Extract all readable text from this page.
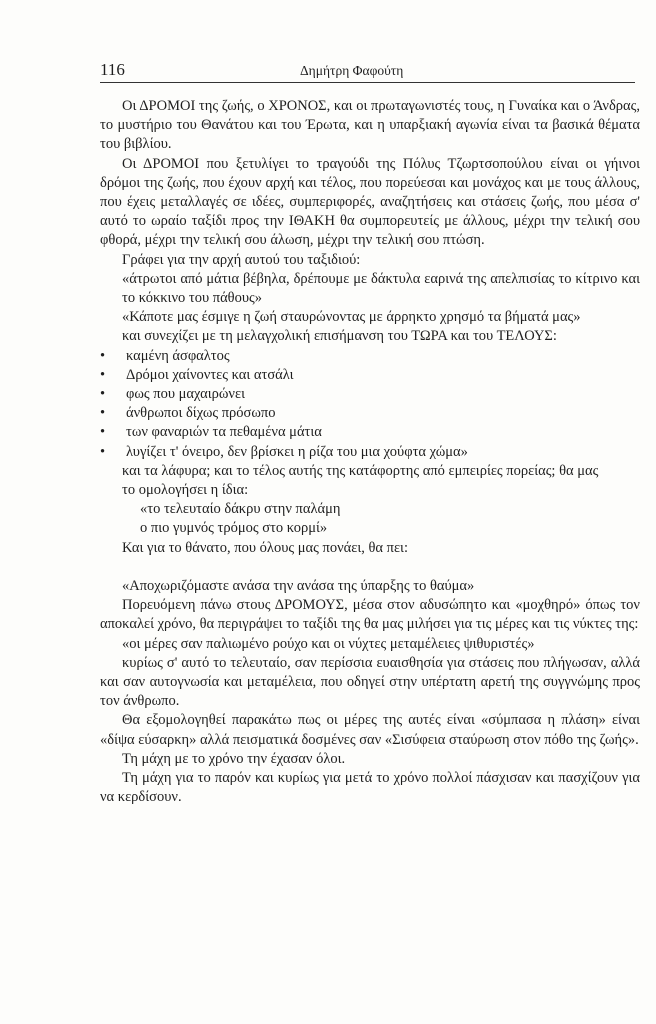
116	Δημήτρη Φαφούτη

Οι ΔΡΟΜΟΙ της ζωής, ο ΧΡΟΝΟΣ, και οι πρωταγωνιστές τους, η Γυναίκα και ο Άνδρας, το μυστήριο του Θανάτου και του Έρωτα, και η υπαρξιακή αγωνία είναι τα βασικά θέματα του βιβλίου.

Οι ΔΡΟΜΟΙ που ξετυλίγει το τραγούδι της Πόλυς Τζωρτσοπούλου είναι οι γήινοι δρόμοι της ζωής, που έχουν αρχή και τέλος, που πορεύεσαι και μονάχος και με τους άλλους, που έχεις μεταλλαγές σε ιδέες, συμπεριφορές, αναζητήσεις και στάσεις ζωής, που μέσα σ' αυτό το ωραίο ταξίδι προς την ΙΘΑΚΗ θα συμπορευτείς με άλλους, μέχρι την τελική σου φθορά, μέχρι την τελική σου άλωση, μέχρι την τελική σου πτώση.

Γράφει για την αρχή αυτού του ταξιδιού:

«άτρωτοι από μάτια βέβηλα, δρέπουμε με δάκτυλα εαρινά της απελπισίας το κίτρινο και το κόκκινο του πάθους»

«Κάποτε μας έσμιγε η ζωή σταυρώνοντας με άρρηκτο χρησμό τα βήματά μας»

και συνεχίζει με τη μελαγχολική επισήμανση του ΤΩΡΑ και του ΤΕΛΟΥΣ:

• καμένη άσφαλτος
• Δρόμοι χαίνοντες και ατσάλι
• φως που μαχαιρώνει
• άνθρωποι δίχως πρόσωπο
• των φαναριών τα πεθαμένα μάτια
• λυγίζει τ' όνειρο, δεν βρίσκει η ρίζα του μια χούφτα χώμα»

και τα λάφυρα; και το τέλος αυτής της κατάφορτης από εμπειρίες πορείας; θα μας

το ομολογήσει η ίδια:

«το τελευταίο δάκρυ στην παλάμη

ο πιο γυμνός τρόμος στο κορμί»

Και για το θάνατο, που όλους μας πονάει, θα πει:

«Αποχωριζόμαστε ανάσα την ανάσα της ύπαρξης το θαύμα»

Πορευόμενη πάνω στους ΔΡΟΜΟΥΣ, μέσα στον αδυσώπητο και «μοχθηρό» όπως τον αποκαλεί χρόνο, θα περιγράψει το ταξίδι της θα μας μιλήσει για τις μέρες και τις νύκτες της:

«οι μέρες σαν παλιωμένο ρούχο και οι νύχτες μεταμέλειες ψιθυριστές»

κυρίως σ' αυτό το τελευταίο, σαν περίσσια ευαισθησία για στάσεις που πλήγωσαν, αλλά και σαν αυτογνωσία και μεταμέλεια, που οδηγεί στην υπέρτατη αρετή της συγγνώμης προς τον άνθρωπο.

Θα εξομολογηθεί παρακάτω πως οι μέρες της αυτές είναι «σύμπασα η πλάση» είναι «δίψα εύσαρκη» αλλά πεισματικά δοσμένες σαν «Σισύφεια σταύρωση στον πόθο της ζωής».

Τη μάχη με το χρόνο την έχασαν όλοι.

Τη μάχη για το παρόν και κυρίως για μετά το χρόνο πολλοί πάσχισαν και πασχίζουν για να κερδίσουν.
